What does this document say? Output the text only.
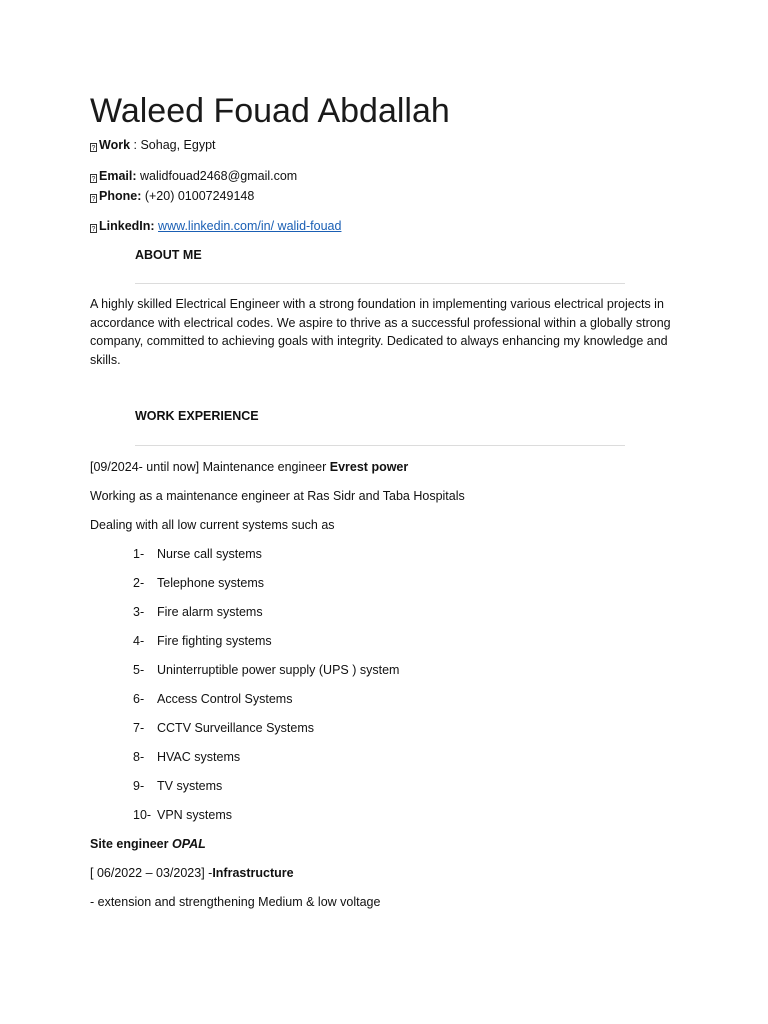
Waleed Fouad Abdallah
? Work : Sohag, Egypt
? Email: walidfouad2468@gmail.com
? Phone: (+20) 01007249148
? LinkedIn: www.linkedin.com/in/ walid-fouad
ABOUT ME
A highly skilled Electrical Engineer with a strong foundation in implementing various electrical projects in accordance with electrical codes. We aspire to thrive as a successful professional within a globally strong company, committed to achieving goals with integrity. Dedicated to always enhancing my knowledge and skills.
WORK EXPERIENCE
[09/2024- until now] Maintenance engineer Evrest power
Working as a maintenance engineer at Ras Sidr and Taba Hospitals
Dealing with all low current systems such as
1- Nurse call systems
2- Telephone systems
3- Fire alarm systems
4- Fire fighting systems
5- Uninterruptible power supply (UPS ) system
6- Access Control Systems
7- CCTV Surveillance Systems
8- HVAC systems
9- TV systems
10- VPN systems
Site engineer OPAL
[ 06/2022 – 03/2023] -Infrastructure
- extension and strengthening Medium & low voltage
